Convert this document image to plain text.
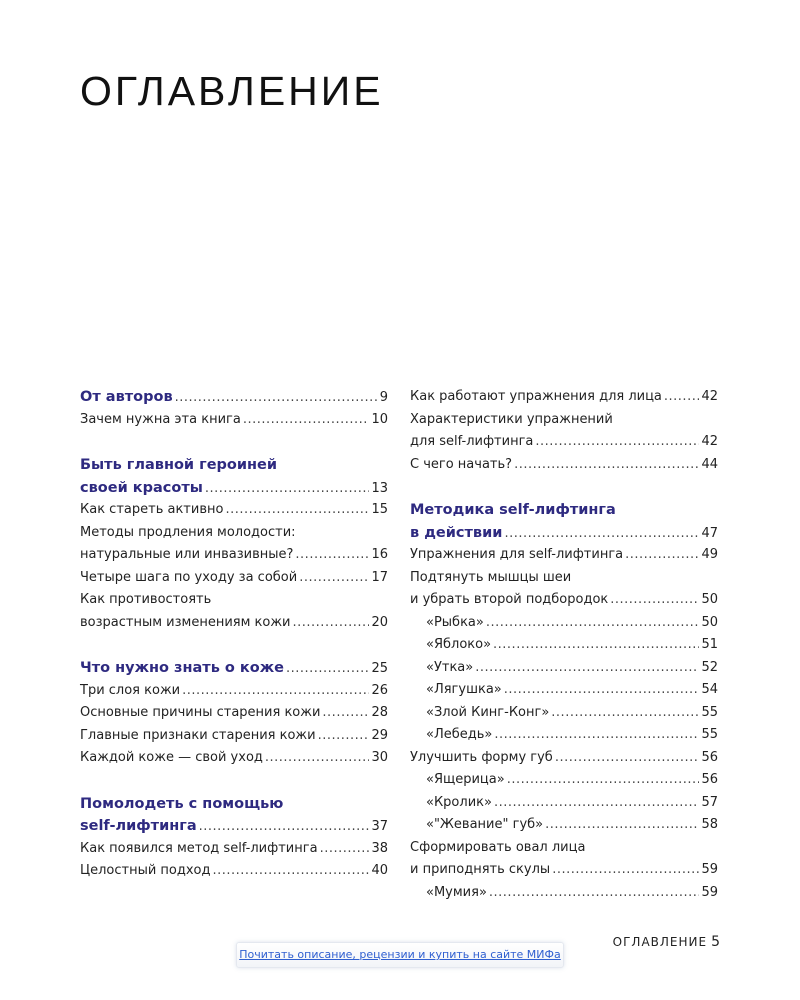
ОГЛАВЛЕНИЕ
От авторов .....	9
Зачем нужна эта книга .....	10
Быть главной героиней
своей красоты .....	13
Как стареть активно .....	15
Методы продления молодости:
натуральные или инвазивные? .....	16
Четыре шага по уходу за собой .....	17
Как противостоять
возрастным изменениям кожи .....	20
Что нужно знать о коже .....	25
Три слоя кожи .....	26
Основные причины старения кожи .....	28
Главные признаки старения кожи .....	29
Каждой коже — свой уход .....	30
Помолодеть с помощью
self-лифтинга .....	37
Как появился метод self-лифтинга .....	38
Целостный подход .....	40
Как работают упражнения для лица .....	42
Характеристики упражнений
для self-лифтинга .....	42
С чего начать? .....	44
Методика self-лифтинга
в действии .....	47
Упражнения для self-лифтинга .....	49
Подтянуть мышцы шеи
и убрать второй подбородок .....	50
«Рыбка» .....	50
«Яблоко» .....	51
«Утка» .....	52
«Лягушка» .....	54
«Злой Кинг-Конг» .....	55
«Лебедь» .....	55
Улучшить форму губ .....	56
«Ящерица» .....	56
«Кролик» .....	57
«"Жевание" губ» .....	58
Сформировать овал лица
и приподнять скулы .....	59
«Мумия» .....	59
Почитать описание, рецензии и купить на сайте МИФа
ОГЛАВЛЕНИЕ 5
